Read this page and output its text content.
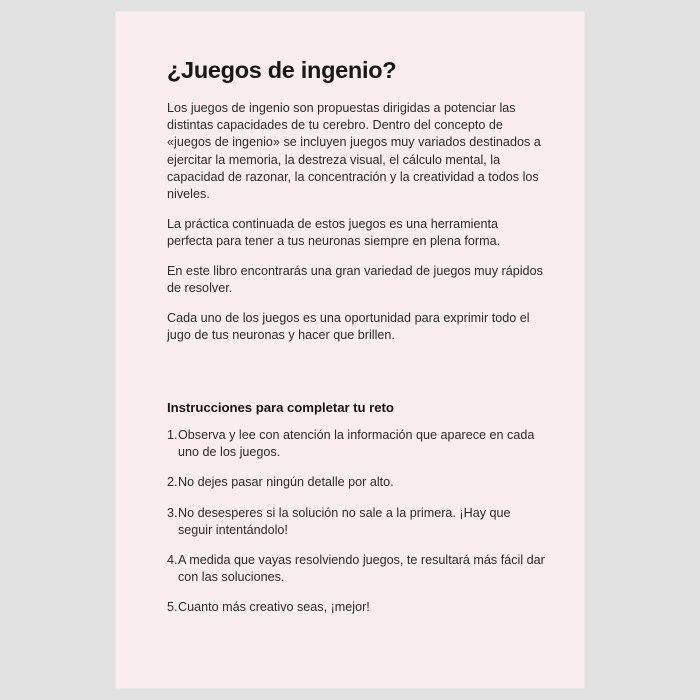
¿Juegos de ingenio?

Los juegos de ingenio son propuestas dirigidas a potenciar las distintas capacidades de tu cerebro. Dentro del concepto de «juegos de ingenio» se incluyen juegos muy variados destinados a ejercitar la memoria, la destreza visual, el cálculo mental, la capacidad de razonar, la concentración y la creatividad a todos los niveles.

La práctica continuada de estos juegos es una herramienta perfecta para tener a tus neuronas siempre en plena forma.

En este libro encontrarás una gran variedad de juegos muy rápidos de resolver.

Cada uno de los juegos es una oportunidad para exprimir todo el jugo de tus neuronas y hacer que brillen.

Instrucciones para completar tu reto
1. Observa y lee con atención la información que aparece en cada uno de los juegos.
2. No dejes pasar ningún detalle por alto.
3. No desesperes si la solución no sale a la primera. ¡Hay que seguir intentándolo!
4. A medida que vayas resolviendo juegos, te resultará más fácil dar con las soluciones.
5. Cuanto más creativo seas, ¡mejor!
